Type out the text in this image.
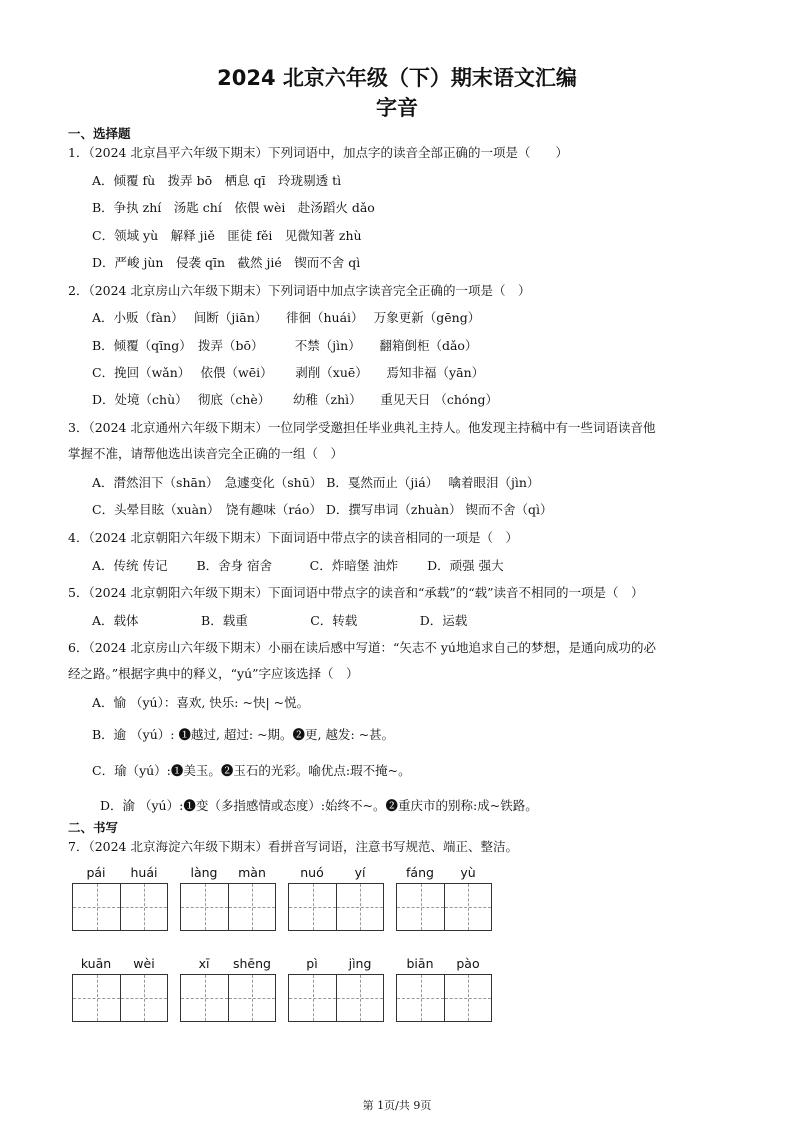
2024 北京六年级（下）期末语文汇编
字音
一、选择题
1．（2024 北京昌平六年级下期末）下列词语中，加点字的读音全部正确的一项是（　　）
A．倾覆 fù　拨弄 bō　栖息 qī　玲珑剔透 tì
B．争执 zhí　汤匙 chí　依偎 wèi　赴汤蹈火 dǎo
C．领域 yù　解释 jiě　匪徒 fěi　见微知著 zhù
D．严峻 jùn　侵袭 qīn　截然 jié　锲而不舍 qì
2．（2024 北京房山六年级下期末）下列词语中加点字读音完全正确的一项是（　）
A．小贩（fàn）　 间断（jiān）　　徘徊（huái）　 万象更新（gēng）
B．倾覆（qīng）　拨弄（bō）　　　不禁（jìn）　　翻箱倒柜（dǎo）
C．挽回（wǎn）　 依偎（wēi）　　 剥削（xuē）　　焉知非福（yān）
D．处境（chù）　 彻底（chè）　　 幼稚（zhì）　　重见天日 （chóng）
3．（2024 北京通州六年级下期末）一位同学受邀担任毕业典礼主持人。他发现主持稿中有一些词语读音他
掌握不准，请帮他选出读音完全正确的一组（　）
A．潸然泪下（shān）　急遽变化（shū） B．戛然而止（jiá）　 噙着眼泪（jìn）
C．头晕目眩（xuàn）　饶有趣味（ráo） D．撰写串词（zhuàn） 锲而不舍（qì）
4．（2024 北京朝阳六年级下期末）下面词语中带点字的读音相同的一项是（　）
A．传统 传记　　 B．舍身 宿舍　　　C．炸暗堡 油炸　　 D．顽强 强大
5．（2024 北京朝阳六年级下期末）下面词语中带点字的读音和“承载”的“载”读音不相同的一项是（　）
A．载体　　　　　B．载重　　　　　C．转载　　　　　D．运载
6．（2024 北京房山六年级下期末）小丽在读后感中写道：“矢志不 yú地追求自己的梦想，是通向成功的必
经之路。”根据字典中的释义，“yú”字应该选择（　）
A．愉 （yú）：喜欢, 快乐: ~快| ~悦。
B．逾 （yú）: ❶越过, 超过: ~期。❷更, 越发: ~甚。
C．瑜（yú）:❶美玉。❷玉石的光彩。喻优点:瑕不掩~。
D．渝 （yú）:❶变（多指感情或态度）:始终不~。❷重庆市的别称:成~铁路。
二、书写
7．（2024 北京海淀六年级下期末）看拼音写词语，注意书写规范、端正、整洁。
pái	huái	làng	màn	nuó	yí	fáng	yù
kuān	wèi	xī	shēng	pì	jìng	biān	pào
第 1页/共 9页
